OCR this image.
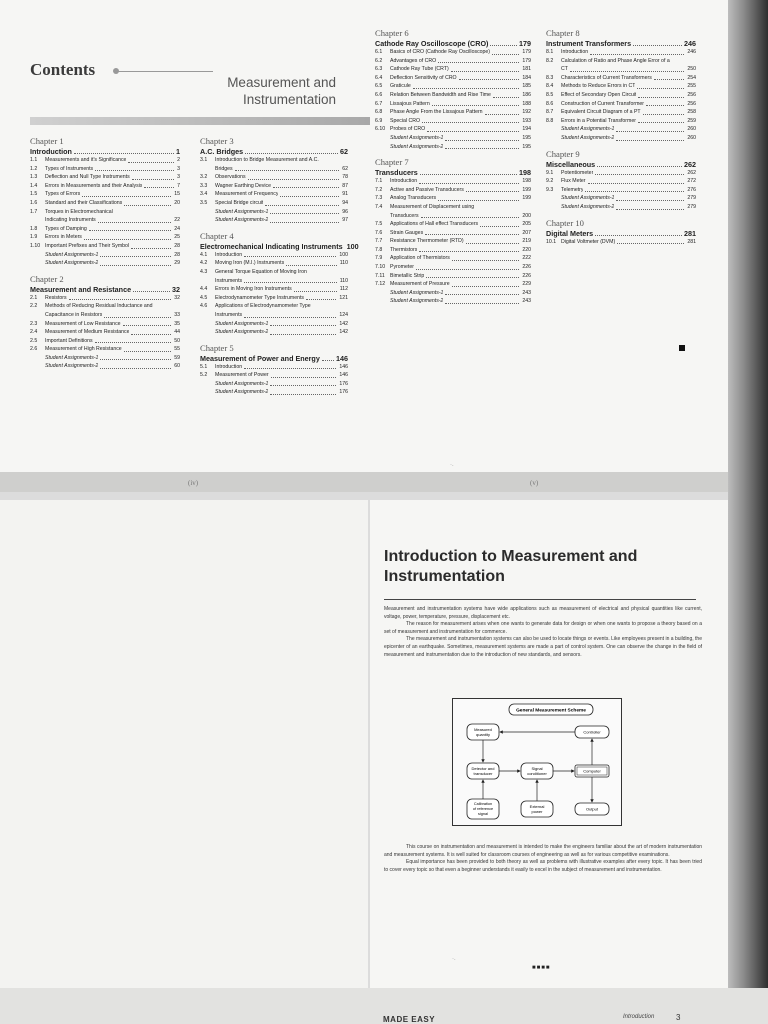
Contents
Measurement and
Instrumentation
Chapter 1
Introduction	1
1.1	Measurements and it's Significance	2
1.2	Types of Instruments	3
1.3	Deflection and Null Type Instruments	3
1.4	Errors in Measurements and their Analysis	7
1.5	Types of Errors	15
1.6	Standard and their Classifications	20
1.7	Torques in Electromechanical
Indicating Instruments	22
1.8	Types of Damping	24
1.9	Errors in Meters	25
1.10 Important Prefixes and Their Symbol	28
Student Assignments-1	28
Student Assignments-2	29
Chapter 2
Measurement and Resistance	32
2.1	Resistors	32
2.2	Methods of Reducing Residual Inductance and
Capacitance in Resistors	33
2.3	Measurement of Low Resistance	35
2.4	Measurement of Medium Resistance	44
2.5	Important Definitions	50
2.6	Measurement of High Resistance	55
Student Assignments-1	59
Student Assignments-2	60
Chapter 3
A.C. Bridges	62
3.1	Introduction to Bridge Measurement and A.C.
Bridges	62
3.2	Observations	78
3.3	Wagner Earthing Device	87
3.4	Measurement of Frequency	91
3.5	Special Bridge circuit	94
Student Assignments-1	96
Student Assignments-2	97
Chapter 4
Electromechanical Indicating Instruments 100
4.1	Introduction	100
4.2	Moving Iron (M.I.) Instruments	110
4.3	General Torque Equation of Moving Iron
Instruments	110
4.4	Errors in Moving Iron Instruments	112
4.5	Electrodynamometer Type Instruments	121
4.6	Applications of Electrodynamometer Type
Instruments	124
Student Assignments-1	142
Student Assignments-2	142
Chapter 5
Measurement of Power and Energy 146
5.1	Introduction	146
5.2	Measurement of Power	146
Student Assignments-1	176
Student Assignments-2	176
(iv)
Chapter 6
Cathode Ray Oscilloscope (CRO)	179
6.1	Basics of CRO (Cathode Ray Oscilloscope)	179
6.2	Advantages of CRO	179
6.3	Cathode Ray Tube (CRT)	181
6.4	Deflection Sensitivity of CRO	184
6.5	Graticule	185
6.6	Relation Between Bandwidth and Rise Time	186
6.7	Lissajous Pattern	188
6.8	Phase Angle From the Lissajous Pattern	192
6.9	Special CRO	193
6.10 Probes of CRO	194
Student Assignments-1	195
Student Assignments-2	195
Chapter 7
Transducers	198
7.1	Introduction	198
7.2	Active and Passive Transducers	199
7.3	Analog Transducers	199
7.4	Measurement of Displacement using
Transducers	200
7.5	Applications of Hall effect Transducers	205
7.6	Strain Gauges	207
7.7	Resistance Thermometer (RTD)	219
7.8	Thermistors	220
7.9	Application of Thermistors	222
7.10 Pyrometer	226
7.11	Bimetallic Strip	226
7.12 Measurement of Pressure	229
Student Assignments-1	243
Student Assignments-2	243
Chapter 8
Instrument Transformers	246
8.1	Introduction	246
8.2	Calculation of Ratio and Phase Angle Error of a
CT	250
8.3	Characteristics of Current Transformers	254
8.4	Methods to Reduce Errors in CT	255
8.5	Effect of Secondary Open Circuit	256
8.6	Construction of Current Transformer	256
8.7	Equivalent Circuit Diagram of a PT	258
8.8	Errors in a Potential Transformer	259
Student Assignments-1	260
Student Assignments-2	260
Chapter 9
Miscellaneous	262
9.1	Potentiometer	262
9.2	Flux Meter	272
9.3	Telemetry	276
Student Assignments-1	279
Student Assignments-2	279
Chapter 10
Digital Meters	281
10.1 Digital Voltmeter (DVM)	281
·.
(v)
Introduction to Measurement and Instrumentation

Measurement and instrumentation systems have wide applications such as measurement of electrical and physical quantities like current, voltage, power, temperature, pressure, displacement etc.

The reason for measurement arises when one wants to generate data for design or when one wants to propose a theory based on a set of measurement and instrumentation for commerce.

The measurement and instrumentation systems can also be used to locate things or events. Like employees present in a building, the epicenter of an earthquake. Sometimes, measurement systems are made a part of control system. One can observe the change in the field of measurement and instrumentation due to the introduction of new standards, and sensors.

General Measurement Scheme
Measured
quantity	Controller
Detector and
transducer
Signal
conditioner	Computer
Calibration
of reference
signal
External
power	Output

This course on instrumentation and measurement is intended to make the engineers familiar about the art of modern instrumentation and measurement systems. It is well suited for classroom courses of engineering as well as for various competitive examinations.

Equal importance has been provided to both theory as well as problems with illustrative examples after every topic. It has been tried to cover every topic so that even a beginner understands it easily to excel in the subject of measurement and instrumentation.

■■■■
·.
MADE EASY	Introduction	3
